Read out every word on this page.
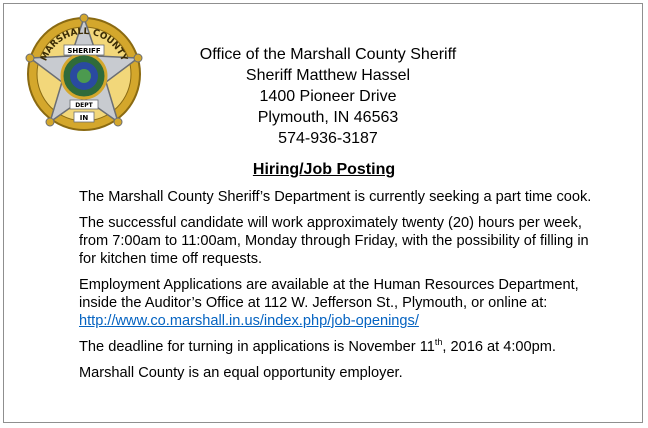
MARSHALL COUNTY
SHERIFF
DEPT
IN
Office of the Marshall County Sheriff
Sheriff Matthew Hassel
1400 Pioneer Drive
Plymouth, IN 46563
574-936-3187
Hiring/Job Posting

The Marshall County Sheriff’s Department is currently seeking a part time cook.

The successful candidate will work approximately twenty (20) hours per week, from 7:00am to 11:00am, Monday through Friday, with the possibility of filling in for kitchen time off requests.

Employment Applications are available at the Human Resources Department, inside the Auditor’s Office at 112 W. Jefferson St., Plymouth, or online at: http://www.co.marshall.in.us/index.php/job-openings/

The deadline for turning in applications is November 11th, 2016 at 4:00pm.

Marshall County is an equal opportunity employer.
